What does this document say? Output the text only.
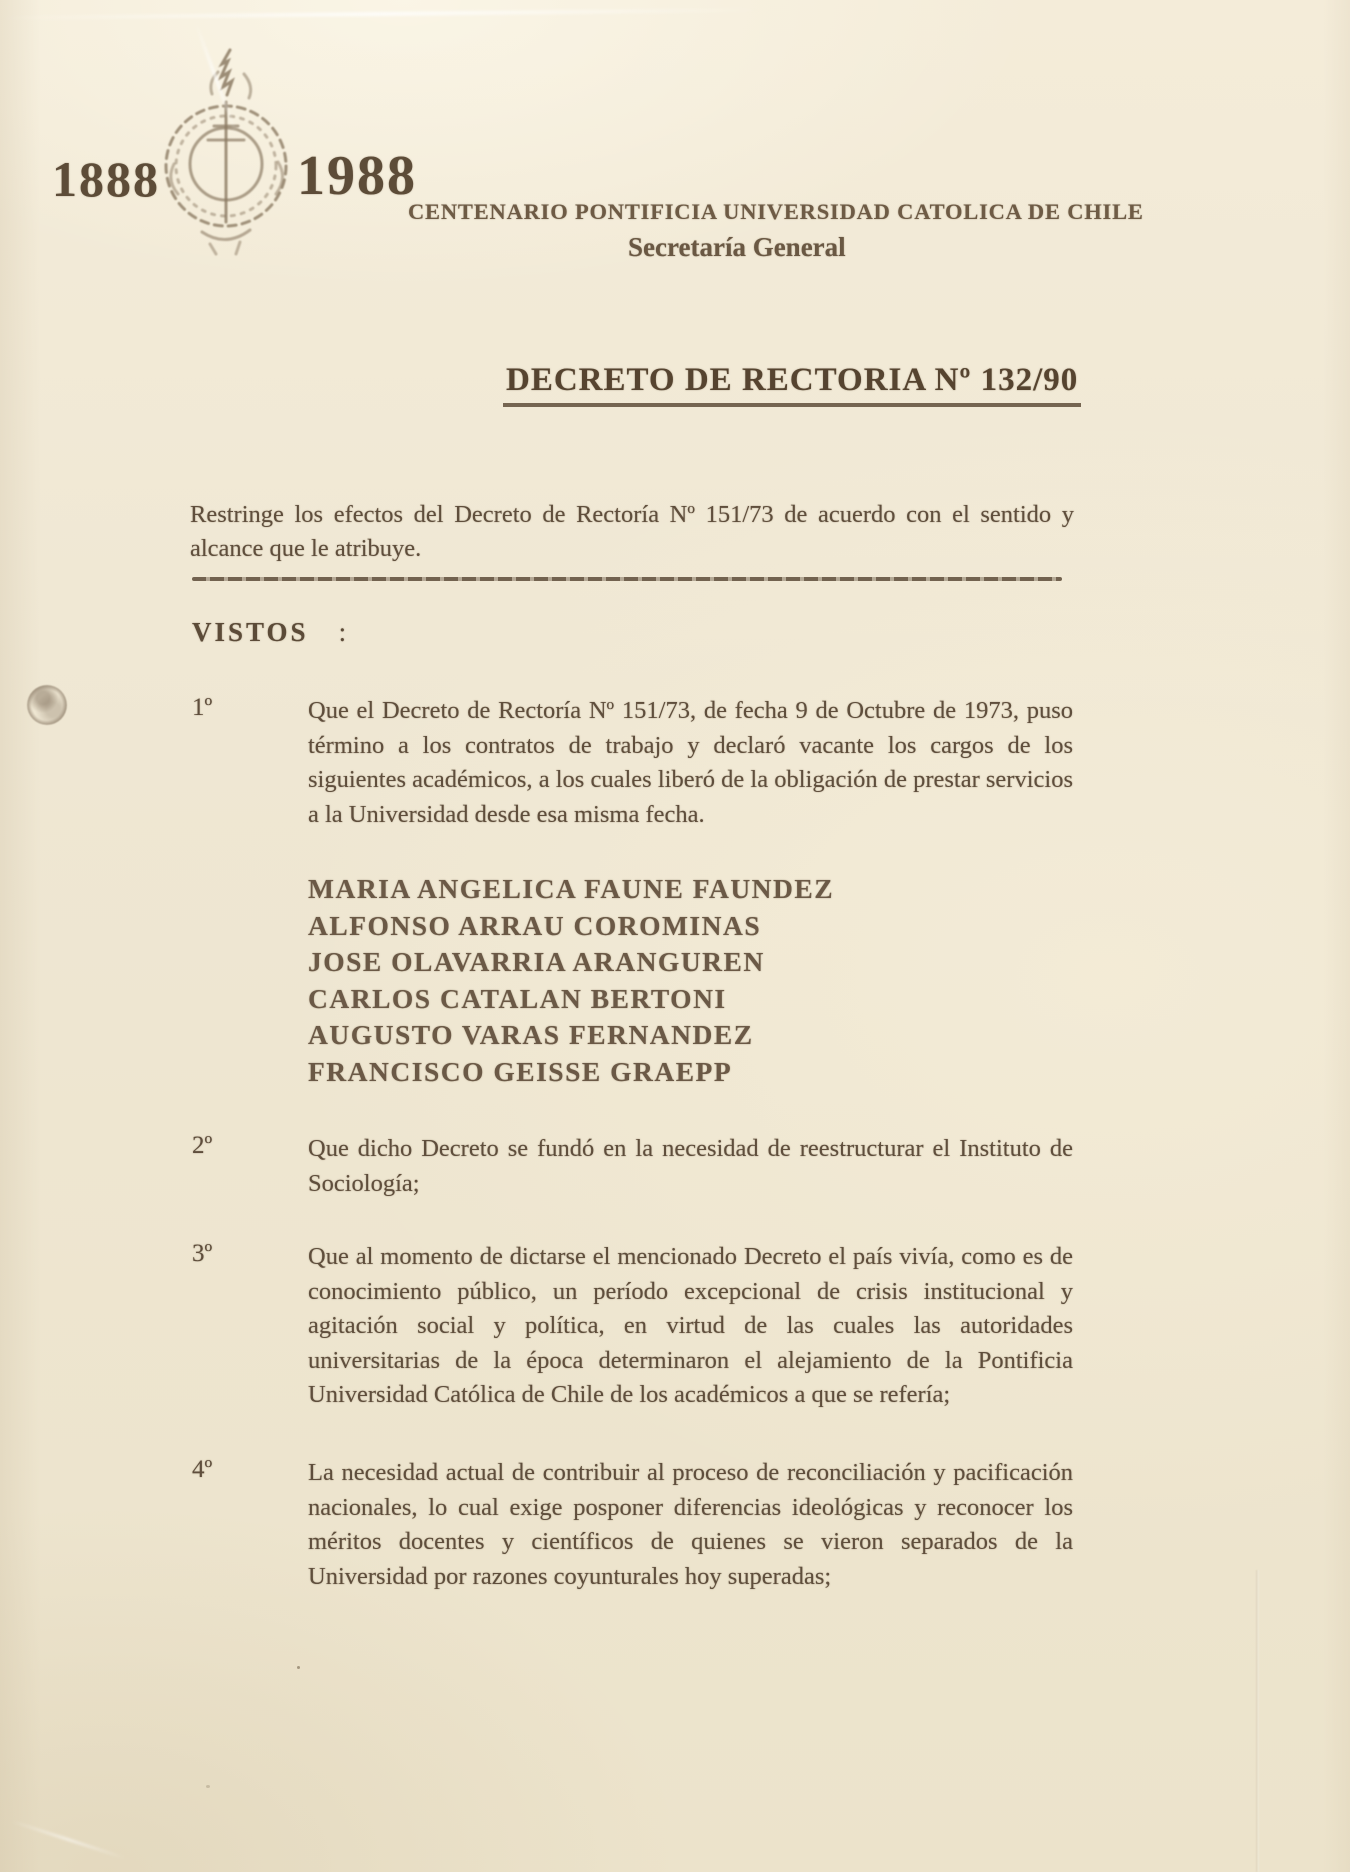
1888 1988
CENTENARIO PONTIFICIA UNIVERSIDAD CATOLICA DE CHILE
Secretaría General
DECRETO DE RECTORIA Nº 132/90

Restringe los efectos del Decreto de Rectoría Nº 151/73 de acuerdo con el sentido y alcance que le atribuye.

VISTOS :
1º	Que el Decreto de Rectoría Nº 151/73, de fecha 9 de Octubre de 1973, puso término a los contratos de trabajo y declaró vacante los cargos de los siguientes académicos, a los cuales liberó de la obligación de prestar servicios a la Universidad desde esa misma fecha.
MARIA ANGELICA FAUNE FAUNDEZ
ALFONSO ARRAU COROMINAS
JOSE OLAVARRIA ARANGUREN
CARLOS CATALAN BERTONI
AUGUSTO VARAS FERNANDEZ
FRANCISCO GEISSE GRAEPP
2º	Que dicho Decreto se fundó en la necesidad de reestructurar el Instituto de Sociología;
3º	Que al momento de dictarse el mencionado Decreto el país vivía, como es de conocimiento público, un período excepcional de crisis institucional y agitación social y política, en virtud de las cuales las autoridades universitarias de la época determinaron el alejamiento de la Pontificia Universidad Católica de Chile de los académicos a que se refería;
4º	La necesidad actual de contribuir al proceso de reconciliación y pacificación nacionales, lo cual exige posponer diferencias ideológicas y reconocer los méritos docentes y científicos de quienes se vieron separados de la Universidad por razones coyunturales hoy superadas;
